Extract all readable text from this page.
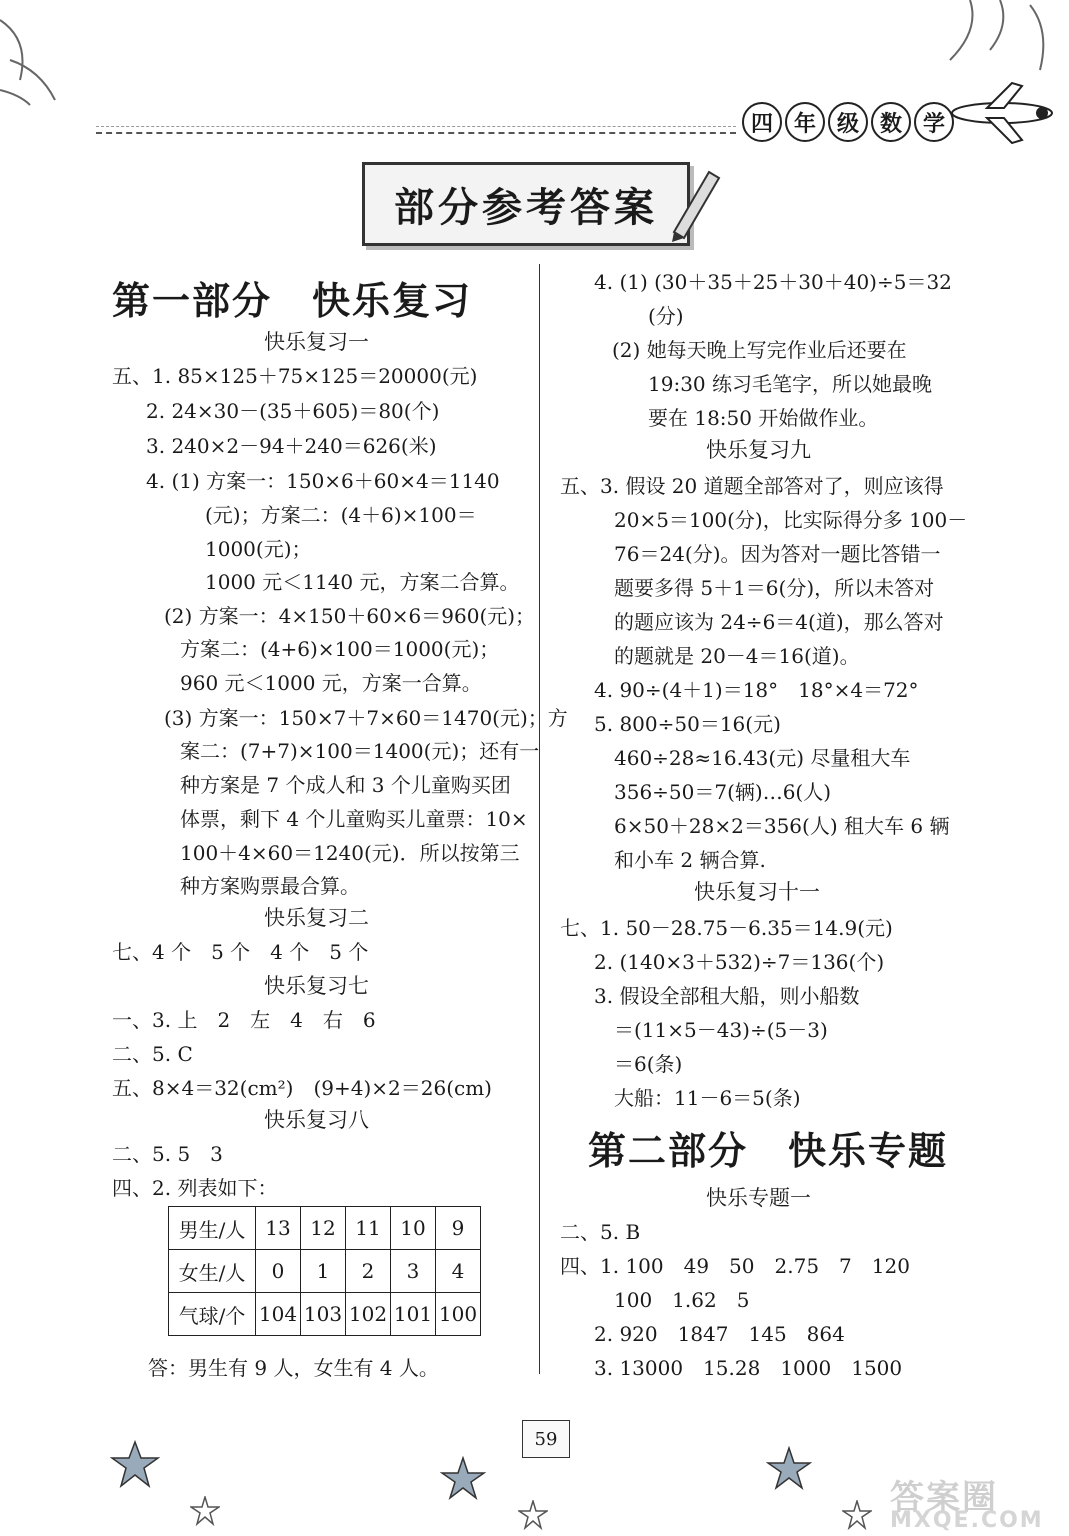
四 年 级 数 学
部分参考答案
第一部分　快乐复习
快乐复习一
五、1. 85×125＋75×125＝20000(元)
2. 24×30－(35＋605)＝80(个)
3. 240×2－94＋240＝626(米)
4. (1) 方案一：150×6＋60×4＝1140
(元)；方案二：(4＋6)×100＝
1000(元)；
1000 元＜1140 元，方案二合算。
(2) 方案一：4×150＋60×6＝960(元)；
方案二：(4+6)×100＝1000(元)；
960 元＜1000 元，方案一合算。
(3) 方案一：150×7＋7×60＝1470(元)；方
案二：(7+7)×100＝1400(元)；还有一
种方案是 7 个成人和 3 个儿童购买团
体票，剩下 4 个儿童购买儿童票：10×
100＋4×60＝1240(元)．所以按第三
种方案购票最合算。
快乐复习二
七、4 个　5 个　4 个　5 个
快乐复习七
一、3. 上　2　左　4　右　6
二、5. C
五、8×4＝32(cm²)　(9+4)×2＝26(cm)
快乐复习八
二、5. 5　3
四、2. 列表如下：
男生/人	13	12	11	10	9
女生/人	0	1	2	3	4
气球/个	104	103	102	101	100
答：男生有 9 人，女生有 4 人。
4. (1) (30＋35＋25＋30＋40)÷5＝32
(分)
(2) 她每天晚上写完作业后还要在
19:30 练习毛笔字，所以她最晚
要在 18:50 开始做作业。
快乐复习九
五、3. 假设 20 道题全部答对了，则应该得
20×5＝100(分)，比实际得分多 100－
76＝24(分)。因为答对一题比答错一
题要多得 5＋1＝6(分)，所以未答对
的题应该为 24÷6＝4(道)，那么答对
的题就是 20－4＝16(道)。
4. 90÷(4＋1)＝18°　18°×4＝72°
5. 800÷50＝16(元)
460÷28≈16.43(元) 尽量租大车
356÷50＝7(辆)…6(人)
6×50＋28×2＝356(人) 租大车 6 辆
和小车 2 辆合算.
快乐复习十一
七、1. 50－28.75－6.35＝14.9(元)
2. (140×3＋532)÷7＝136(个)
3. 假设全部租大船，则小船数
＝(11×5－43)÷(5－3)
＝6(条)
大船：11－6＝5(条)
第二部分　快乐专题
快乐专题一
二、5. B
四、1. 100　49　50　2.75　7　120
100　1.62　5
2. 920　1847　145　864
3. 13000　15.28　1000　1500
59
答案圈
MXQE.COM
